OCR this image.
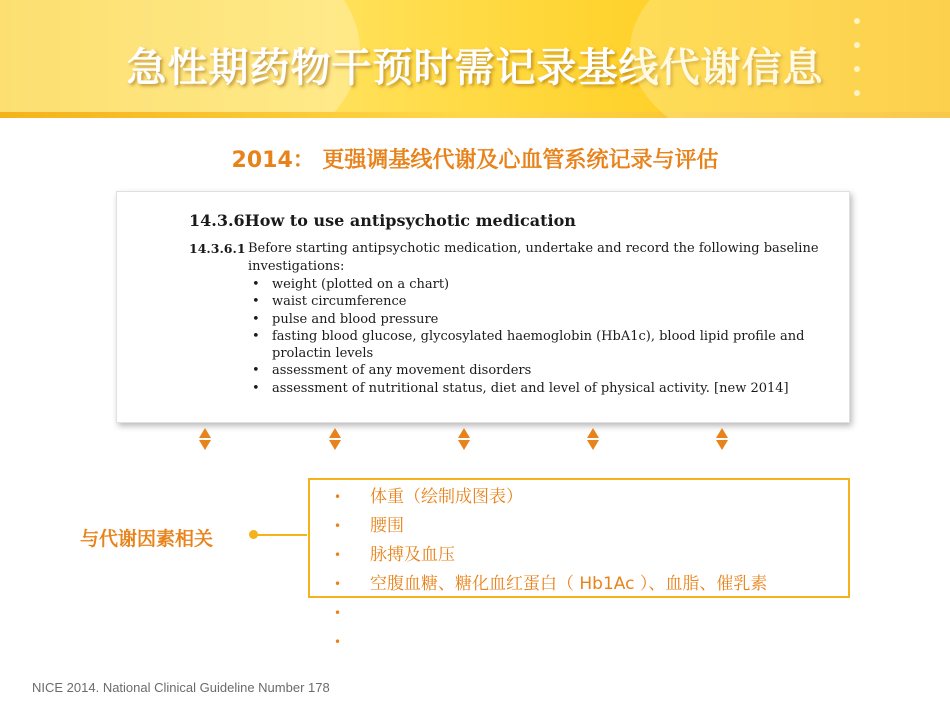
急性期药物干预时需记录基线代谢信息
2014： 更强调基线代谢及心血管系统记录与评估
14.3.6How to use antipsychotic medication
14.3.6.1 Before starting antipsychotic medication, undertake and record the following baseline investigations:
• weight (plotted on a chart)
• waist circumference
• pulse and blood pressure
• fasting blood glucose, glycosylated haemoglobin (HbA1c), blood lipid profile and prolactin levels
• assessment of any movement disorders
• assessment of nutritional status, diet and level of physical activity. [new 2014]
与代谢因素相关
• 体重（绘制成图表）
• 腰围
• 脉搏及血压
• 空腹血糖、糖化血红蛋白（ Hb1Ac ）、血脂、催乳素
•
•
NICE 2014. National Clinical Guideline Number 178
